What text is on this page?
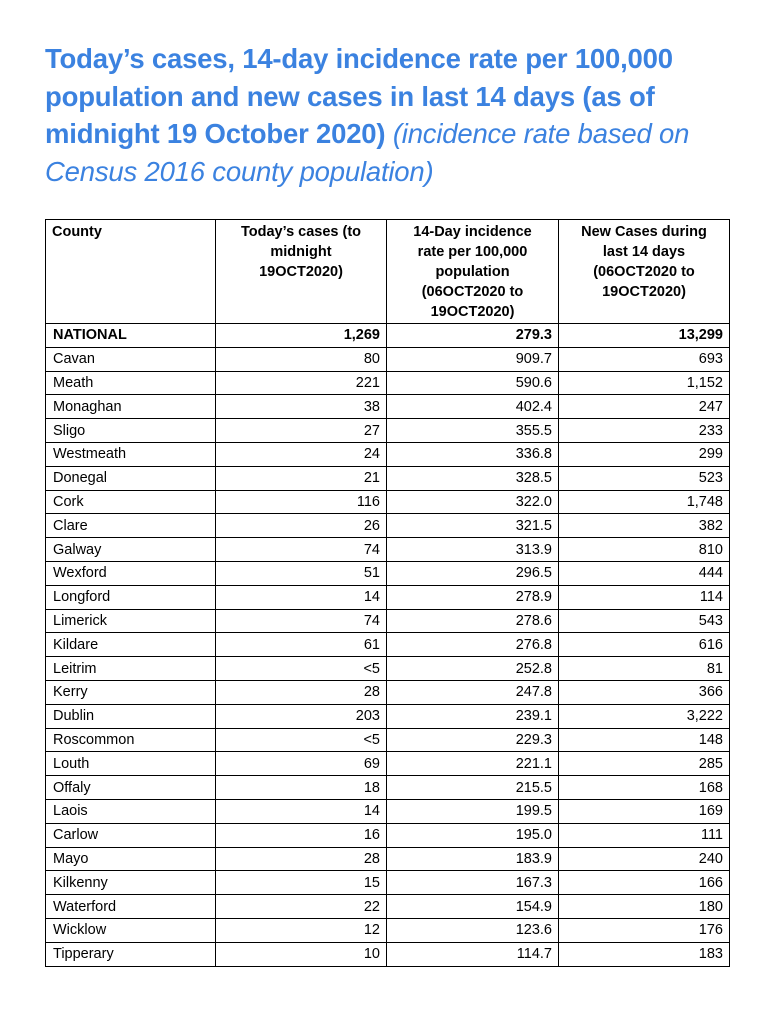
Today’s cases, 14-day incidence rate per 100,000 population and new cases in last 14 days (as of midnight 19 October 2020) (incidence rate based on Census 2016 county population)
County	Today’s cases (to midnight 19OCT2020)	14-Day incidence rate per 100,000 population (06OCT2020 to 19OCT2020)	New Cases during last 14 days (06OCT2020 to 19OCT2020)
NATIONAL	1,269	279.3	13,299
Cavan	80	909.7	693
Meath	221	590.6	1,152
Monaghan	38	402.4	247
Sligo	27	355.5	233
Westmeath	24	336.8	299
Donegal	21	328.5	523
Cork	116	322.0	1,748
Clare	26	321.5	382
Galway	74	313.9	810
Wexford	51	296.5	444
Longford	14	278.9	114
Limerick	74	278.6	543
Kildare	61	276.8	616
Leitrim	<5	252.8	81
Kerry	28	247.8	366
Dublin	203	239.1	3,222
Roscommon	<5	229.3	148
Louth	69	221.1	285
Offaly	18	215.5	168
Laois	14	199.5	169
Carlow	16	195.0	111
Mayo	28	183.9	240
Kilkenny	15	167.3	166
Waterford	22	154.9	180
Wicklow	12	123.6	176
Tipperary	10	114.7	183
